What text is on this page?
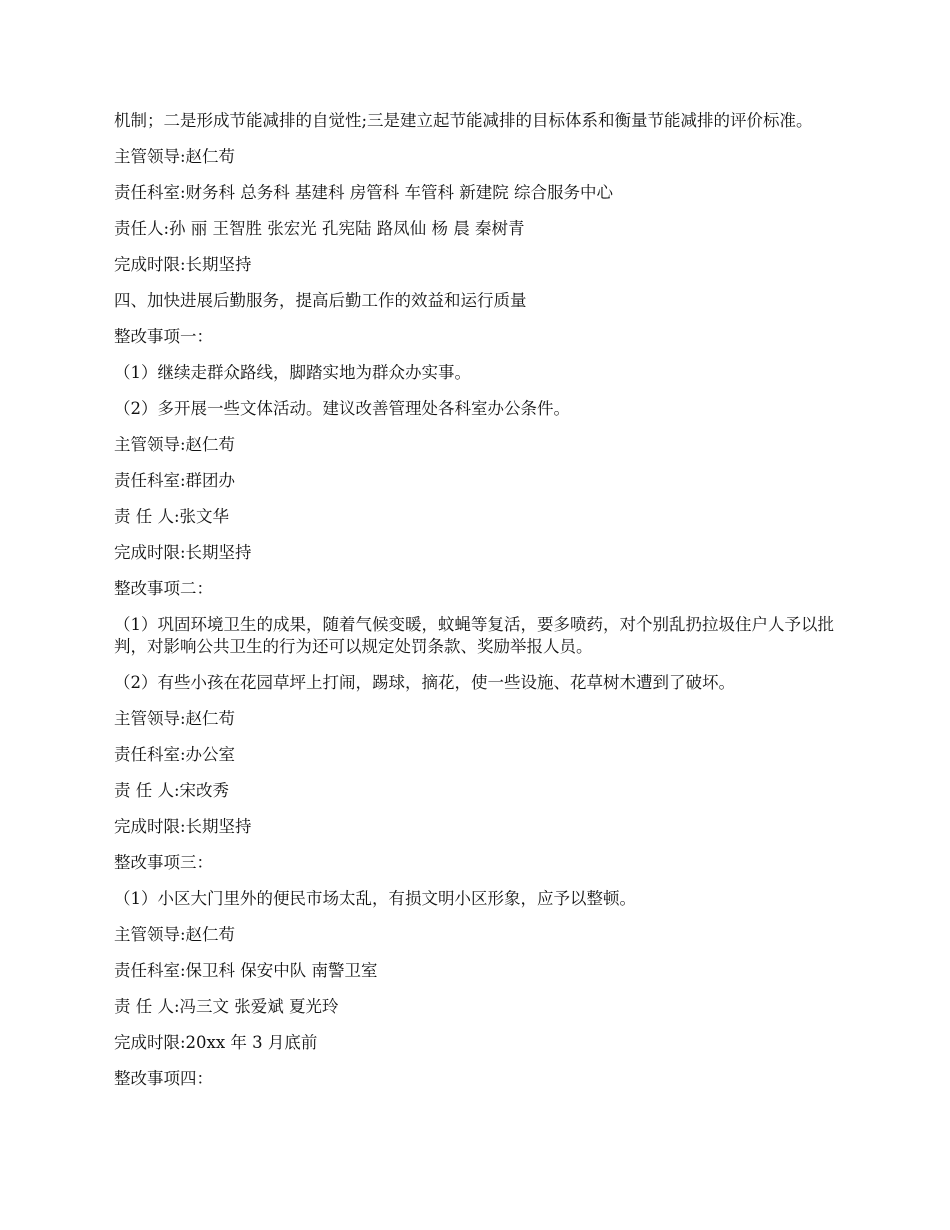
机制；二是形成节能减排的自觉性;三是建立起节能减排的目标体系和衡量节能减排的评价标准。

主管领导:赵仁苟

责任科室:财务科 总务科 基建科 房管科 车管科 新建院 综合服务中心

责任人:孙 丽 王智胜 张宏光 孔宪陆 路凤仙 杨 晨 秦树青

完成时限:长期坚持

四、加快进展后勤服务，提高后勤工作的效益和运行质量

整改事项一：

（1）继续走群众路线，脚踏实地为群众办实事。

（2）多开展一些文体活动。建议改善管理处各科室办公条件。

主管领导:赵仁苟

责任科室:群团办

责 任 人:张文华

完成时限:长期坚持

整改事项二：

（1）巩固环境卫生的成果，随着气候变暖，蚊蝇等复活，要多喷药，对个别乱扔拉圾住户人予以批判，对影响公共卫生的行为还可以规定处罚条款、奖励举报人员。

（2）有些小孩在花园草坪上打闹，踢球，摘花，使一些设施、花草树木遭到了破坏。

主管领导:赵仁苟

责任科室:办公室

责 任 人:宋改秀

完成时限:长期坚持

整改事项三：

（1）小区大门里外的便民市场太乱，有损文明小区形象，应予以整顿。

主管领导:赵仁苟

责任科室:保卫科 保安中队 南警卫室

责 任 人:冯三文 张爱斌 夏光玲

完成时限:20xx 年 3 月底前

整改事项四：
